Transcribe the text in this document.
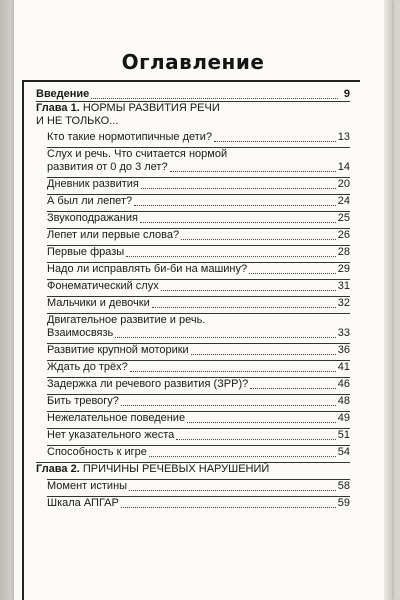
Оглавление
Введение	9
Глава 1. НОРМЫ РАЗВИТИЯ РЕЧИ
И НЕ ТОЛЬКО...
Кто такие нормотипичные дети?	13
Слух и речь. Что считается нормой
развития от 0 до 3 лет?	14
Дневник развития	20
А был ли лепет?	24
Звукоподражания	25
Лепет или первые слова?	26
Первые фразы	28
Надо ли исправлять би-би на машину?	29
Фонематический слух	31
Мальчики и девочки	32
Двигательное развитие и речь.
Взаимосвязь	33
Развитие крупной моторики	36
Ждать до трёх?	41
Задержка ли речевого развития (ЗРР)?	46
Бить тревогу?	48
Нежелательное поведение	49
Нет указательного жеста	51
Способность к игре	54
Глава 2. ПРИЧИНЫ РЕЧЕВЫХ НАРУШЕНИЙ
Момент истины	58
Шкала АПГАР	59
